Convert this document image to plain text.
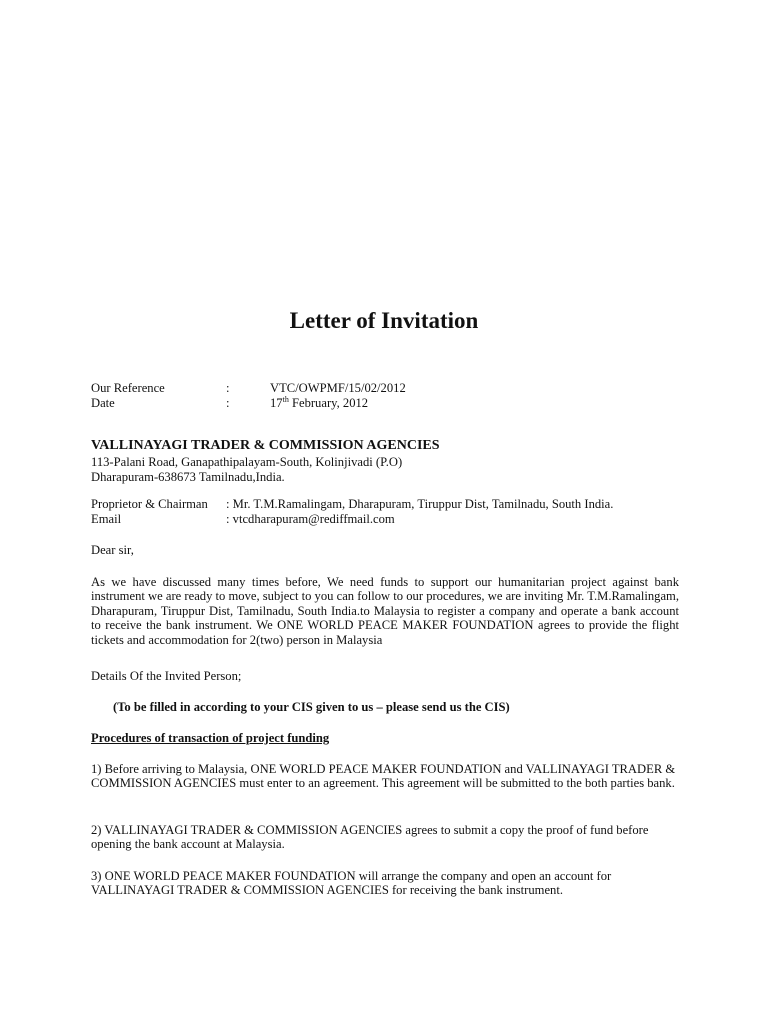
Letter of Invitation
Our Reference	:	VTC/OWPMF/15/02/2012
Date	:	17th February, 2012
VALLINAYAGI TRADER & COMMISSION AGENCIES
113-Palani Road, Ganapathipalayam-South, Kolinjivadi (P.O)
Dharapuram-638673 Tamilnadu,India.
Proprietor & Chairman : Mr. T.M.Ramalingam, Dharapuram, Tiruppur Dist, Tamilnadu, South India.
Email	: vtcdharapuram@rediffmail.com
Dear sir,
As we have discussed many times before, We need funds to support our humanitarian project against bank instrument we are ready to move, subject to you can follow to our procedures, we are inviting Mr. T.M.Ramalingam, Dharapuram, Tiruppur Dist, Tamilnadu, South India.to Malaysia to register a company and operate a bank account to receive the bank instrument. We ONE WORLD PEACE MAKER FOUNDATION agrees to provide the flight tickets and accommodation for 2(two) person in Malaysia
Details Of the Invited Person;
(To be filled in according to your CIS given to us – please send us the CIS)
Procedures of transaction of project funding
1) Before arriving to Malaysia, ONE WORLD PEACE MAKER FOUNDATION and VALLINAYAGI TRADER & COMMISSION AGENCIES must enter to an agreement. This agreement will be submitted to the both parties bank.
2) VALLINAYAGI TRADER & COMMISSION AGENCIES agrees to submit a copy the proof of fund before opening the bank account at Malaysia.
3) ONE WORLD PEACE MAKER FOUNDATION will arrange the company and open an account for VALLINAYAGI TRADER & COMMISSION AGENCIES for receiving the bank instrument.
